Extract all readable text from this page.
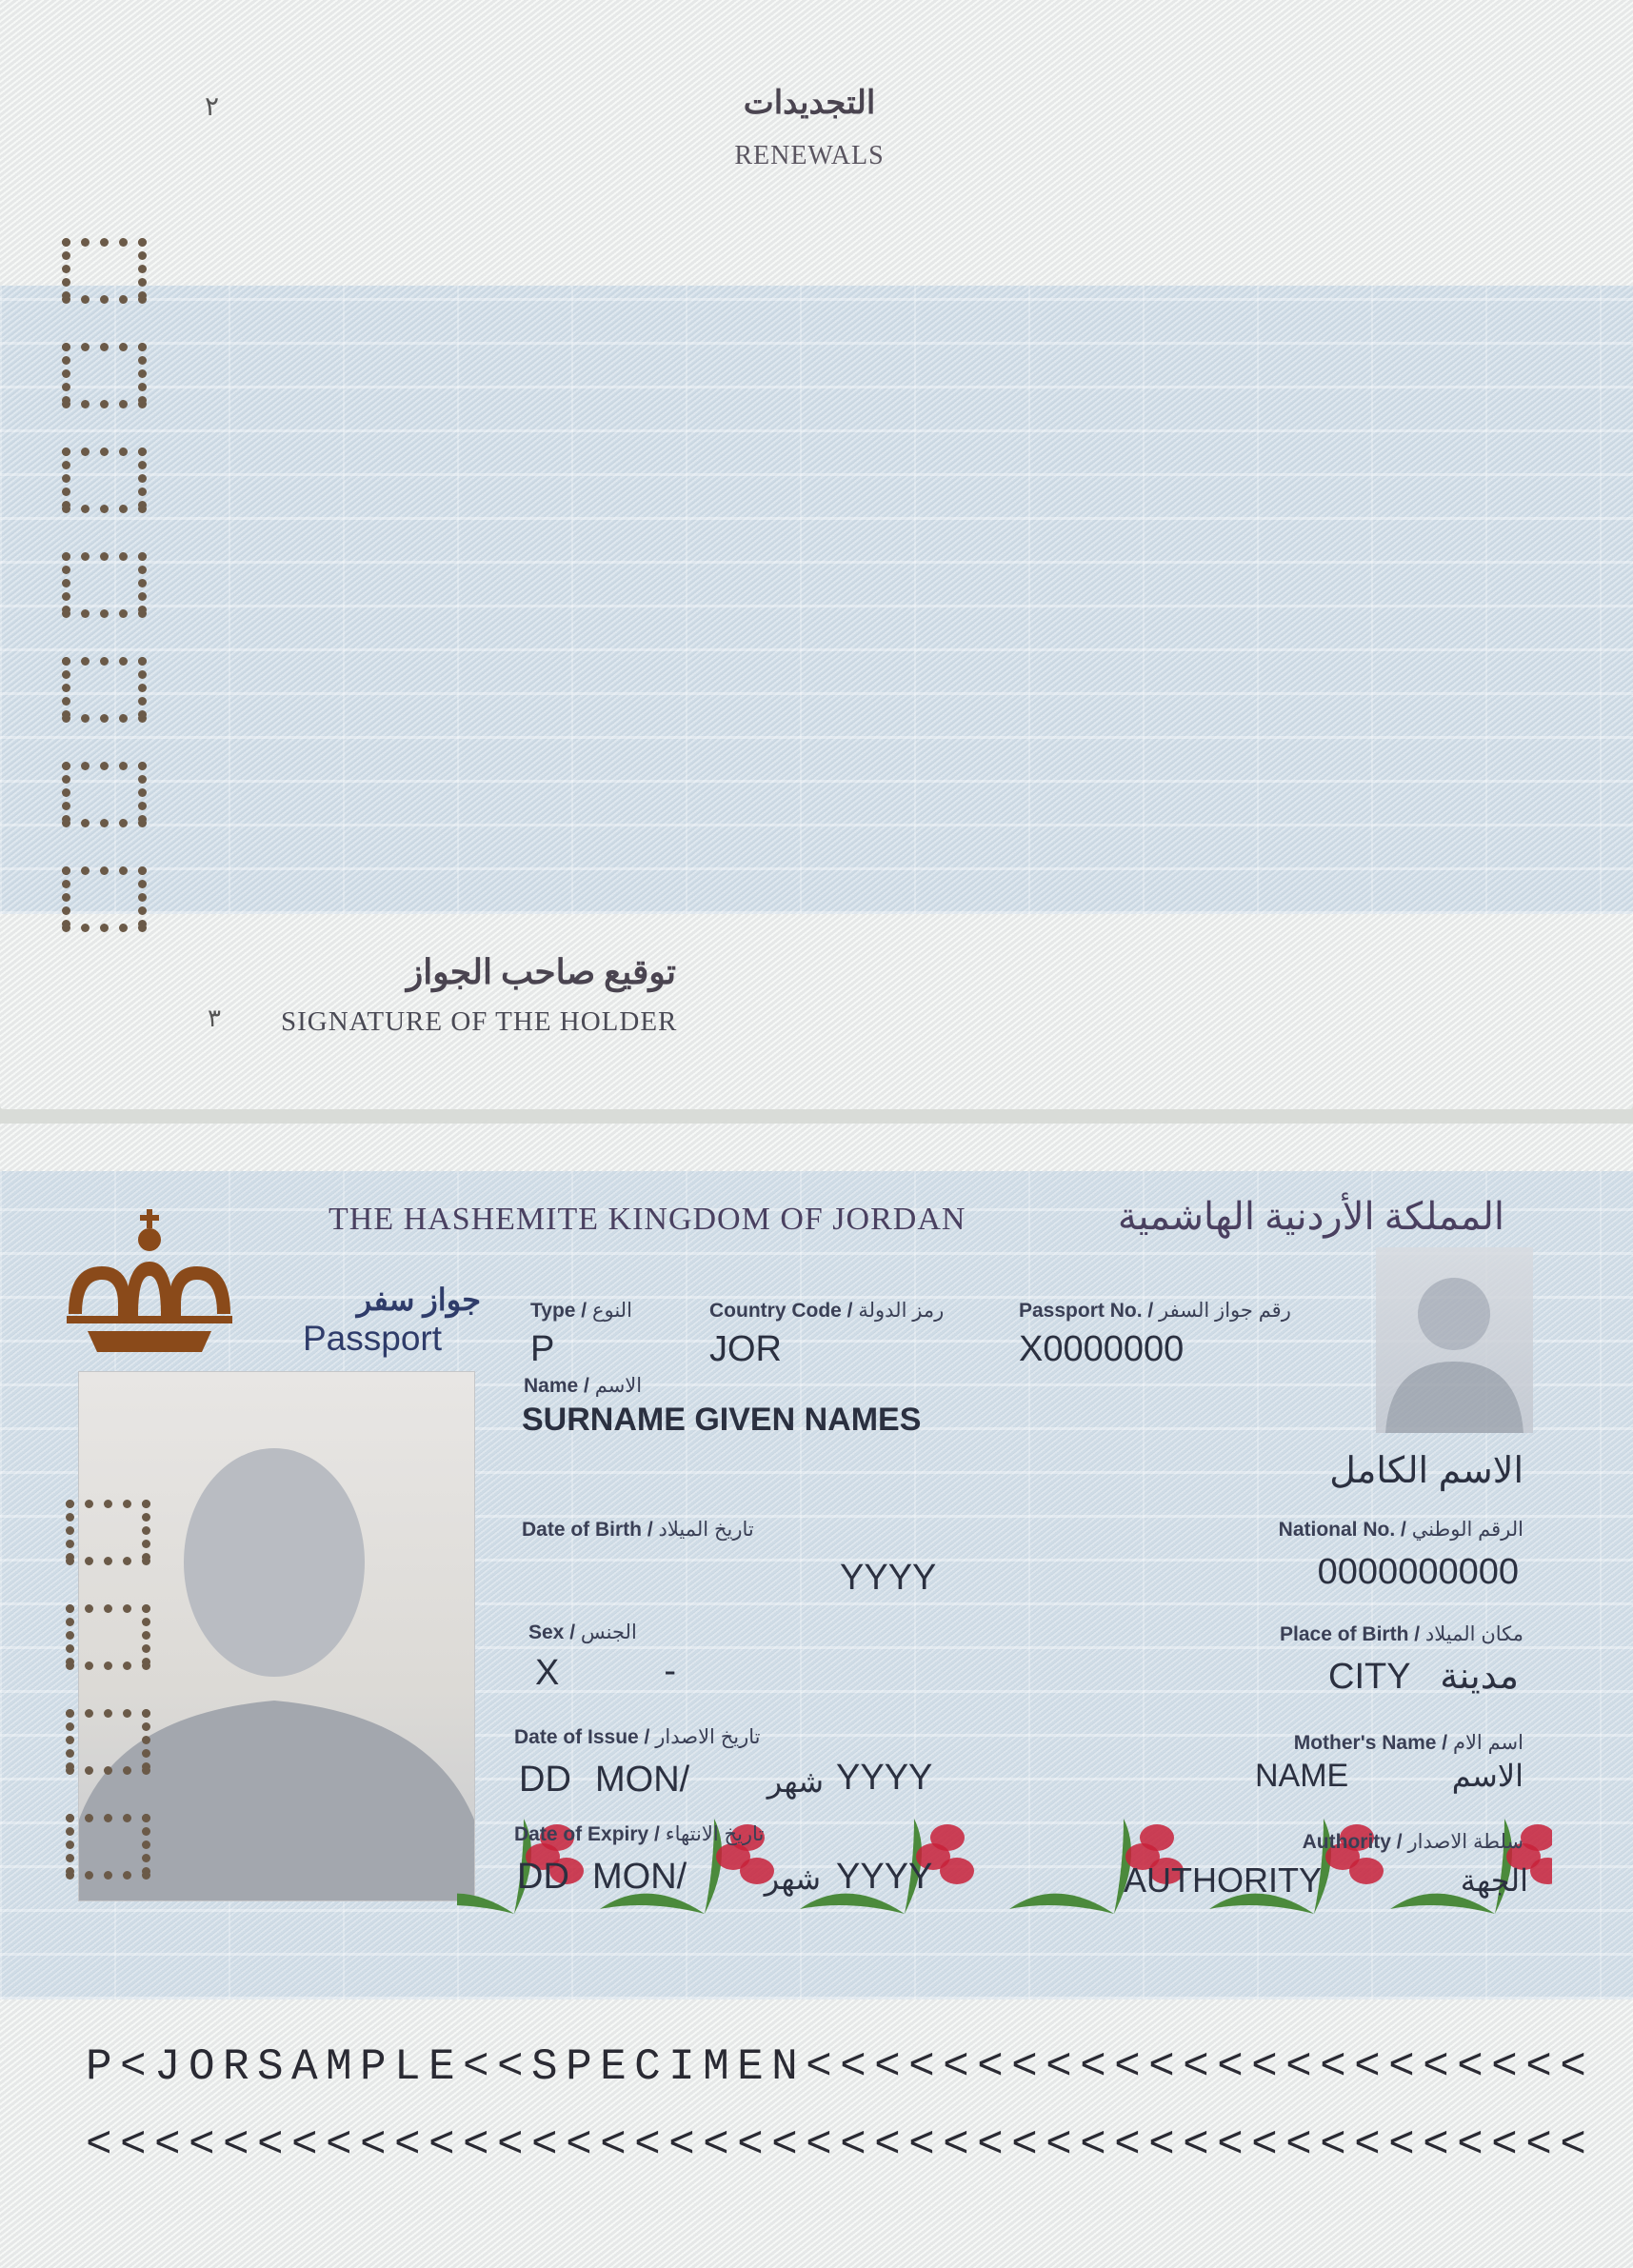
٢	التجديدات
RENEWALS
توقيع صاحب الجواز
٣ SIGNATURE OF THE HOLDER
THE HASHEMITE KINGDOM OF JORDAN	المملكة الأردنية الهاشمية
جواز سفر
Passport
Type / النوع
P
Country Code / رمز الدولة
JOR
Passport No. / رقم جواز السفر
X0000000
Name / الاسم
SURNAME GIVEN NAMES
الاسم الكامل
Date of Birth / تاريخ الميلاد
YYYY
National No. / الرقم الوطني
0000000000
Sex / الجنس
X	-
Place of Birth / مكان الميلاد
CITY مدينة
Date of Issue / تاريخ الاصدار
DD MON/	شهر YYYY
Mother's Name / اسم الام
NAME	الاسم
Date of Expiry / تاريخ الانتهاء
DD MON/	شهر YYYY
Authority / سلطة الاصدار
AUTHORITY	الجهة
P<JORSAMPLE<<SPECIMEN<<<<<<<<<<<<<<<<<<<<<<<
<<<<<<<<<<<<<<<<<<<<<<<<<<<<<<<<<<<<<<<<<<<<
